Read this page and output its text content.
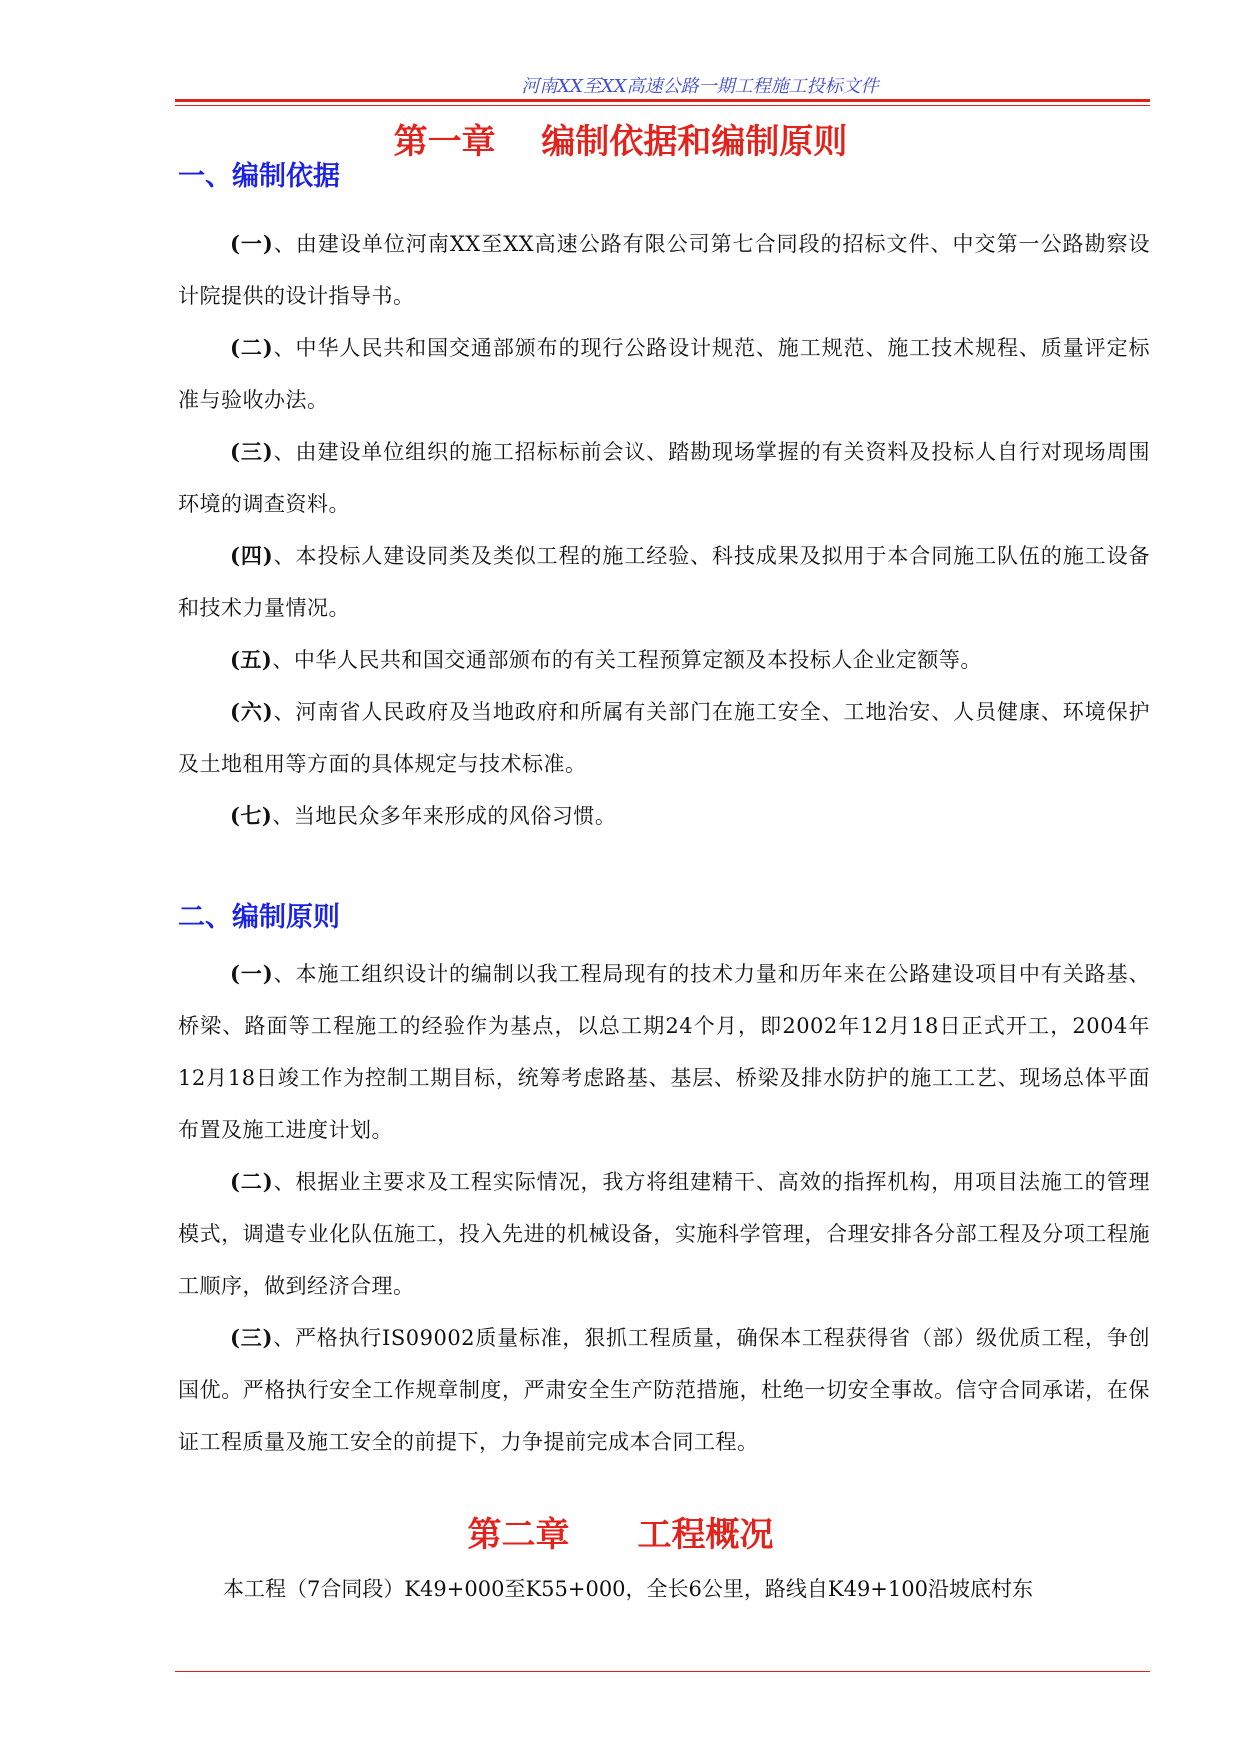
河南XX至XX高速公路一期工程施工投标文件
第一章　 编制依据和编制原则
一、编制依据

(一)、由建设单位河南XX至XX高速公路有限公司第七合同段的招标文件、中交第一公路勘察设计院提供的设计指导书。

(二)、中华人民共和国交通部颁布的现行公路设计规范、施工规范、施工技术规程、质量评定标准与验收办法。

(三)、由建设单位组织的施工招标标前会议、踏勘现场掌握的有关资料及投标人自行对现场周围环境的调查资料。

(四)、本投标人建设同类及类似工程的施工经验、科技成果及拟用于本合同施工队伍的施工设备和技术力量情况。

(五)、中华人民共和国交通部颁布的有关工程预算定额及本投标人企业定额等。

(六)、河南省人民政府及当地政府和所属有关部门在施工安全、工地治安、人员健康、环境保护及土地租用等方面的具体规定与技术标准。

(七)、当地民众多年来形成的风俗习惯。

二、编制原则

(一)、本施工组织设计的编制以我工程局现有的技术力量和历年来在公路建设项目中有关路基、桥梁、路面等工程施工的经验作为基点，以总工期24个月，即2002年12月18日正式开工，2004年12月18日竣工作为控制工期目标，统筹考虑路基、基层、桥梁及排水防护的施工工艺、现场总体平面布置及施工进度计划。

(二)、根据业主要求及工程实际情况，我方将组建精干、高效的指挥机构，用项目法施工的管理模式，调遣专业化队伍施工，投入先进的机械设备，实施科学管理，合理安排各分部工程及分项工程施工顺序，做到经济合理。

(三)、严格执行IS09002质量标准，狠抓工程质量，确保本工程获得省（部）级优质工程，争创国优。严格执行安全工作规章制度，严肃安全生产防范措施，杜绝一切安全事故。信守合同承诺，在保证工程质量及施工安全的前提下，力争提前完成本合同工程。

第二章　　工程概况

本工程（7合同段）K49+000至K55+000，全长6公里，路线自K49+100沿坡底村东
